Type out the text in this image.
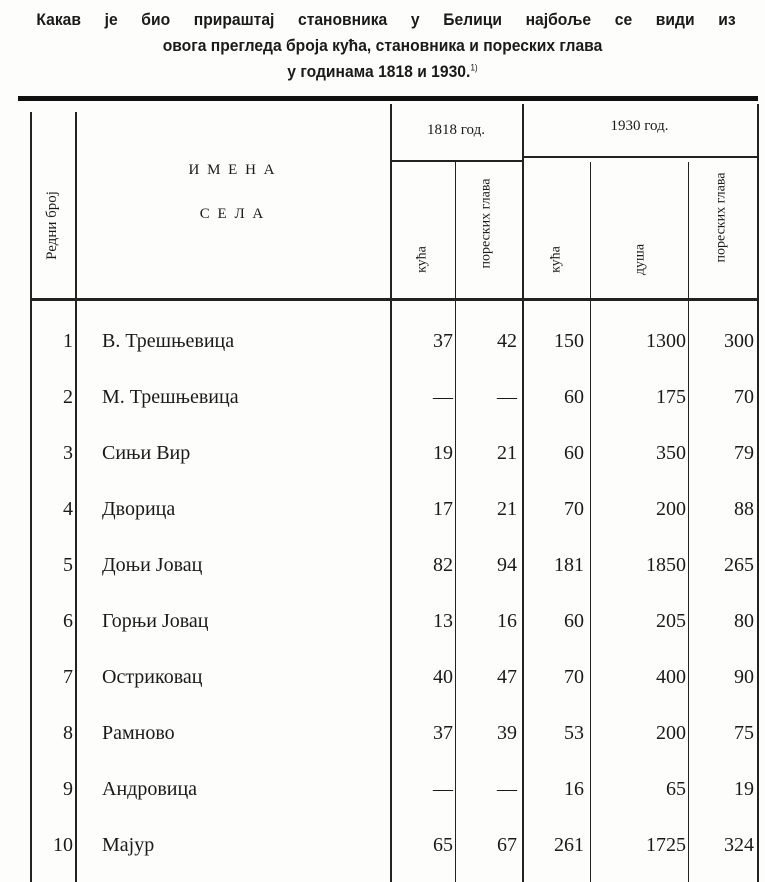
Какав је био прираштај становника у Белици најбоље се види из
овога прегледа броја кућа, становника и пореских глава
у годинама 1818 и 1930.$^{1)}$
Редни број
И М Е Н А
С Е Л А
1818 год.	1930 год.
кућа	пореских глава	кућа	душа	пореских глава
1 В. Трешњевица	37	42	150	1300	300
2 М. Трешњевица	—	—	60	175	70
3 Сињи Вир	19	21	60	350	79
4 Дворица	17	21	70	200	88
5 Доњи Јовац	82	94	181	1850	265
6 Горњи Јовац	13	16	60	205	80
7 Остриковац	40	47	70	400	90
8 Рамново	37	39	53	200	75
9 Андровица	—	—	16	65	19
10 Мајур	65	67	261	1725	324
